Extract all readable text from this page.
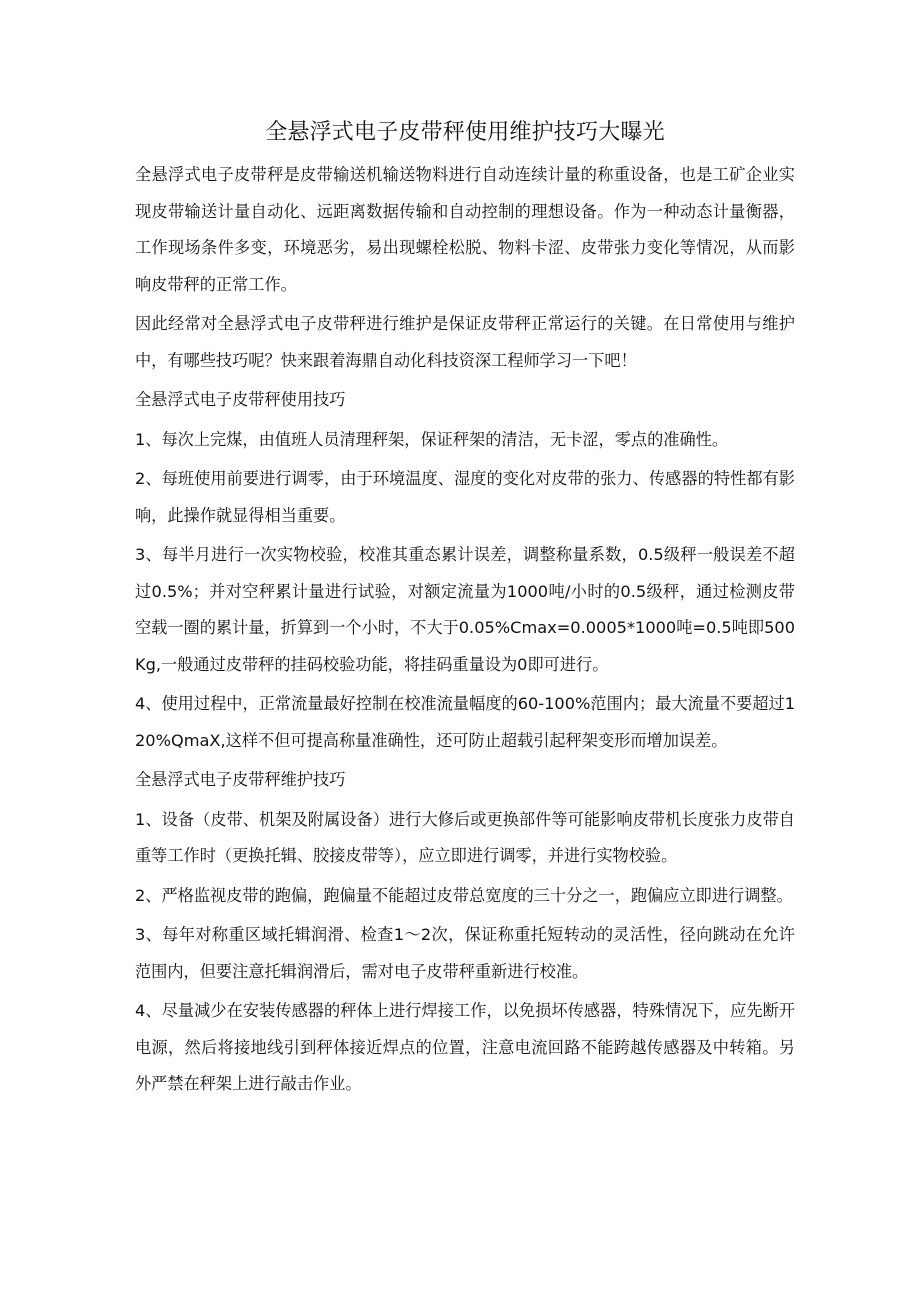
全悬浮式电子皮带秤使用维护技巧大曝光

全悬浮式电子皮带秤是皮带输送机输送物料进行自动连续计量的称重设备，也是工矿企业实现皮带输送计量自动化、远距离数据传输和自动控制的理想设备。作为一种动态计量衡器，工作现场条件多变，环境恶劣，易出现螺栓松脱、物料卡涩、皮带张力变化等情况，从而影响皮带秤的正常工作。

因此经常对全悬浮式电子皮带秤进行维护是保证皮带秤正常运行的关键。在日常使用与维护中，有哪些技巧呢？快来跟着海鼎自动化科技资深工程师学习一下吧！

全悬浮式电子皮带秤使用技巧

1、每次上完煤，由值班人员清理秤架，保证秤架的清洁，无卡涩，零点的准确性。

2、每班使用前要进行调零，由于环境温度、湿度的变化对皮带的张力、传感器的特性都有影响，此操作就显得相当重要。

3、每半月进行一次实物校验，校准其重态累计误差，调整称量系数，0.5级秤一般误差不超过0.5%；并对空秤累计量进行试验，对额定流量为1000吨/小时的0.5级秤，通过检测皮带空载一圈的累计量，折算到一个小时，不大于0.05%Cmax=0.0005*1000吨=0.5吨即500Kg,一般通过皮带秤的挂码校验功能，将挂码重量设为0即可进行。

4、使用过程中，正常流量最好控制在校准流量幅度的60-100%范围内；最大流量不要超过120%QmaX,这样不但可提高称量准确性，还可防止超载引起秤架变形而增加误差。

全悬浮式电子皮带秤维护技巧

1、设备（皮带、机架及附属设备）进行大修后或更换部件等可能影响皮带机长度张力皮带自重等工作时（更换托辑、胶接皮带等），应立即进行调零，并进行实物校验。

2、严格监视皮带的跑偏，跑偏量不能超过皮带总宽度的三十分之一，跑偏应立即进行调整。

3、每年对称重区域托辑润滑、检查1～2次，保证称重托短转动的灵活性，径向跳动在允许范围内，但要注意托辑润滑后，需对电子皮带秤重新进行校准。

4、尽量减少在安装传感器的秤体上进行焊接工作，以免损坏传感器，特殊情况下，应先断开电源，然后将接地线引到秤体接近焊点的位置，注意电流回路不能跨越传感器及中转箱。另外严禁在秤架上进行敲击作业。
